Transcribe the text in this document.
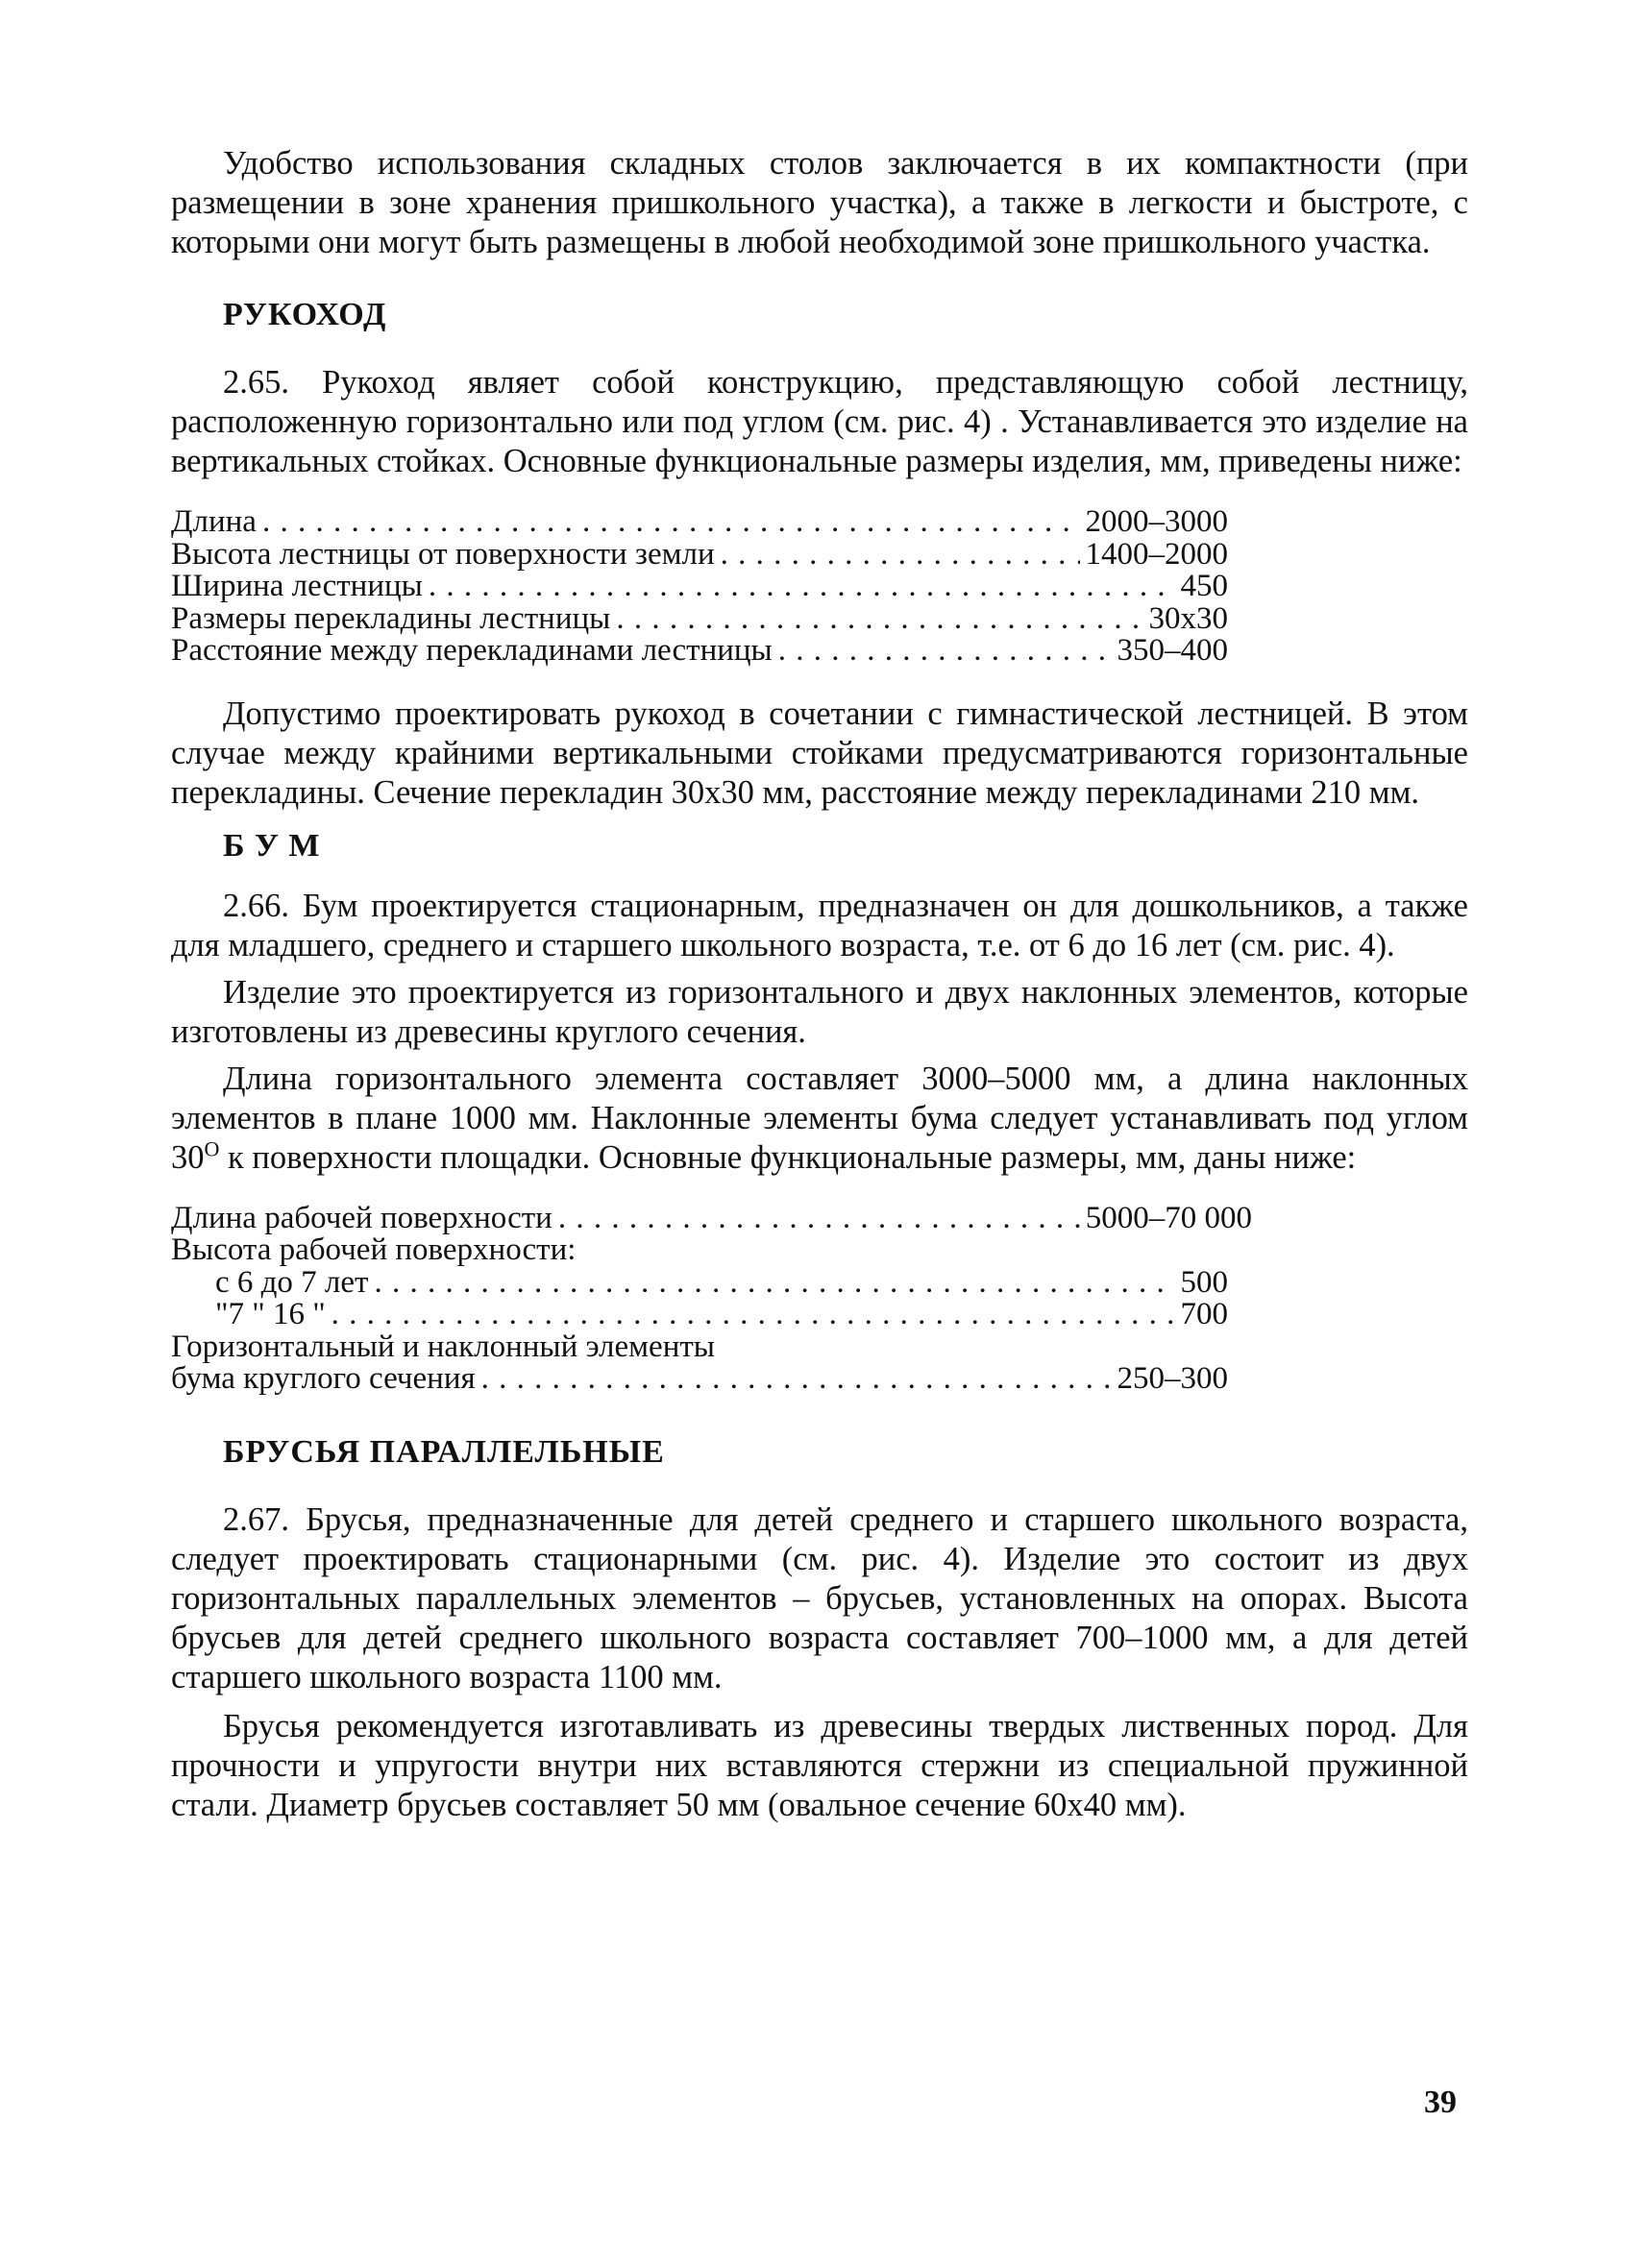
Удобство использования складных столов заключается в их компактности (при размещении в зоне хранения пришкольного участка), а также в легкости и быстроте, с которыми они могут быть размещены в любой необходимой зоне пришкольного участка.

РУКОХОД

2.65. Рукоход являет собой конструкцию, представляющую собой лестницу, расположенную горизонтально или под углом (см. рис. 4) . Устанавливается это изделие на вертикальных стойках. Основные функциональные размеры изделия, мм, приведены ниже:

Длина . . .	2000–3000
Высота лестницы от поверхности земли . . .	1400–2000
Ширина лестницы . . .	450
Размеры перекладины лестницы . . .	30x30
Расстояние между перекладинами лестницы . . .	350–400

Допустимо проектировать рукоход в сочетании с гимнастической лестницей. В этом случае между крайними вертикальными стойками предусматриваются горизонтальные перекладины. Сечение перекладин 30х30 мм, расстояние между перекладинами 210 мм.

Б У М

2.66. Бум проектируется стационарным, предназначен он для дошкольников, а также для младшего, среднего и старшего школьного возраста, т.е. от 6 до 16 лет (см. рис. 4).

Изделие это проектируется из горизонтального и двух наклонных элементов, которые изготовлены из древесины круглого сечения.

Длина горизонтального элемента составляет 3000–5000 мм, а длина наклонных элементов в плане 1000 мм. Наклонные элементы бума следует устанавливать под углом $30^О$ к поверхности площадки. Основные функциональные размеры, мм, даны ниже:

Длина рабочей поверхности . . .	5000–70 000
Высота рабочей поверхности:
с 6 до 7 лет . . .	500
"7 " 16 " . . .	700
Горизонтальный и наклонный элементы
бума круглого сечения . . .	250–300
БРУСЬЯ ПАРАЛЛЕЛЬНЫЕ

2.67. Брусья, предназначенные для детей среднего и старшего школьного возраста, следует проектировать стационарными (см. рис. 4). Изделие это состоит из двух горизонтальных параллельных элементов – брусьев, установленных на опорах. Высота брусьев для детей среднего школьного возраста составляет 700–1000 мм, а для детей старшего школьного возраста 1100 мм.

Брусья рекомендуется изготавливать из древесины твердых лиственных пород. Для прочности и упругости внутри них вставляются стержни из специальной пружинной стали. Диаметр брусьев составляет 50 мм (овальное сечение 60х40 мм).

39
